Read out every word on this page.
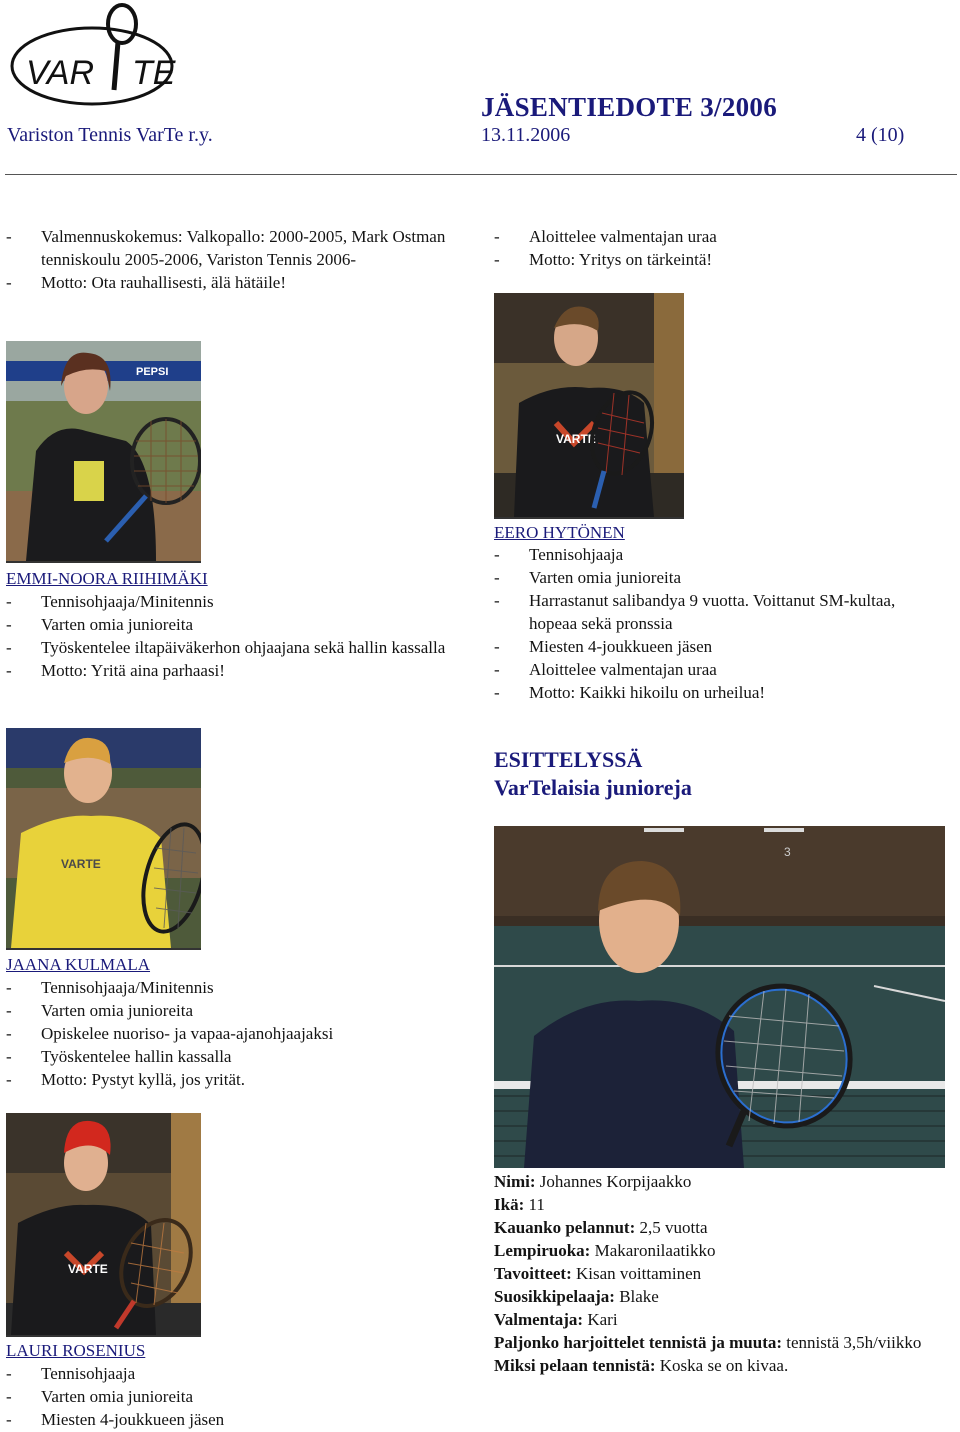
VAR TE
JÄSENTIEDOTE 3/2006
Variston Tennis VarTe r.y.	13.11.2006	4 (10)
-	Valmennuskokemus: Valkopallo: 2000-2005, Mark Ostman tenniskoulu 2005-2006, Variston Tennis 2006-
-	Motto: Ota rauhallisesti, älä hätäile!
-	Aloittelee valmentajan uraa
-	Motto: Yritys on tärkeintä!
PEPSI
EMMI-NOORA RIIHIMÄKI
-	Tennisohjaaja/Minitennis
-	Varten omia junioreita
-	Työskentelee iltapäiväkerhon ohjaajana sekä hallin kassalla
-	Motto: Yritä aina parhaasi!
VARTE
EERO HYTÖNEN
-	Tennisohjaaja
-	Varten omia junioreita
-	Harrastanut salibandya 9 vuotta. Voittanut SM-kultaa, hopeaa sekä pronssia
-	Miesten 4-joukkueen jäsen
-	Aloittelee valmentajan uraa
-	Motto: Kaikki hikoilu on urheilua!
VARTE
JAANA KULMALA
-	Tennisohjaaja/Minitennis
-	Varten omia junioreita
-	Opiskelee nuoriso- ja vapaa-ajanohjaajaksi
-	Työskentelee hallin kassalla
-	Motto: Pystyt kyllä, jos yrität.
VARTE
LAURI ROSENIUS
-	Tennisohjaaja
-	Varten omia junioreita
-	Miesten 4-joukkueen jäsen
ESITTELYSSÄ
VarTelaisia junioreja
3
Nimi: Johannes Korpijaakko
Ikä: 11
Kauanko pelannut: 2,5 vuotta
Lempiruoka: Makaronilaatikko
Tavoitteet: Kisan voittaminen
Suosikkipelaaja: Blake
Valmentaja: Kari
Paljonko harjoittelet tennistä ja muuta: tennistä 3,5h/viikko
Miksi pelaan tennistä: Koska se on kivaa.
